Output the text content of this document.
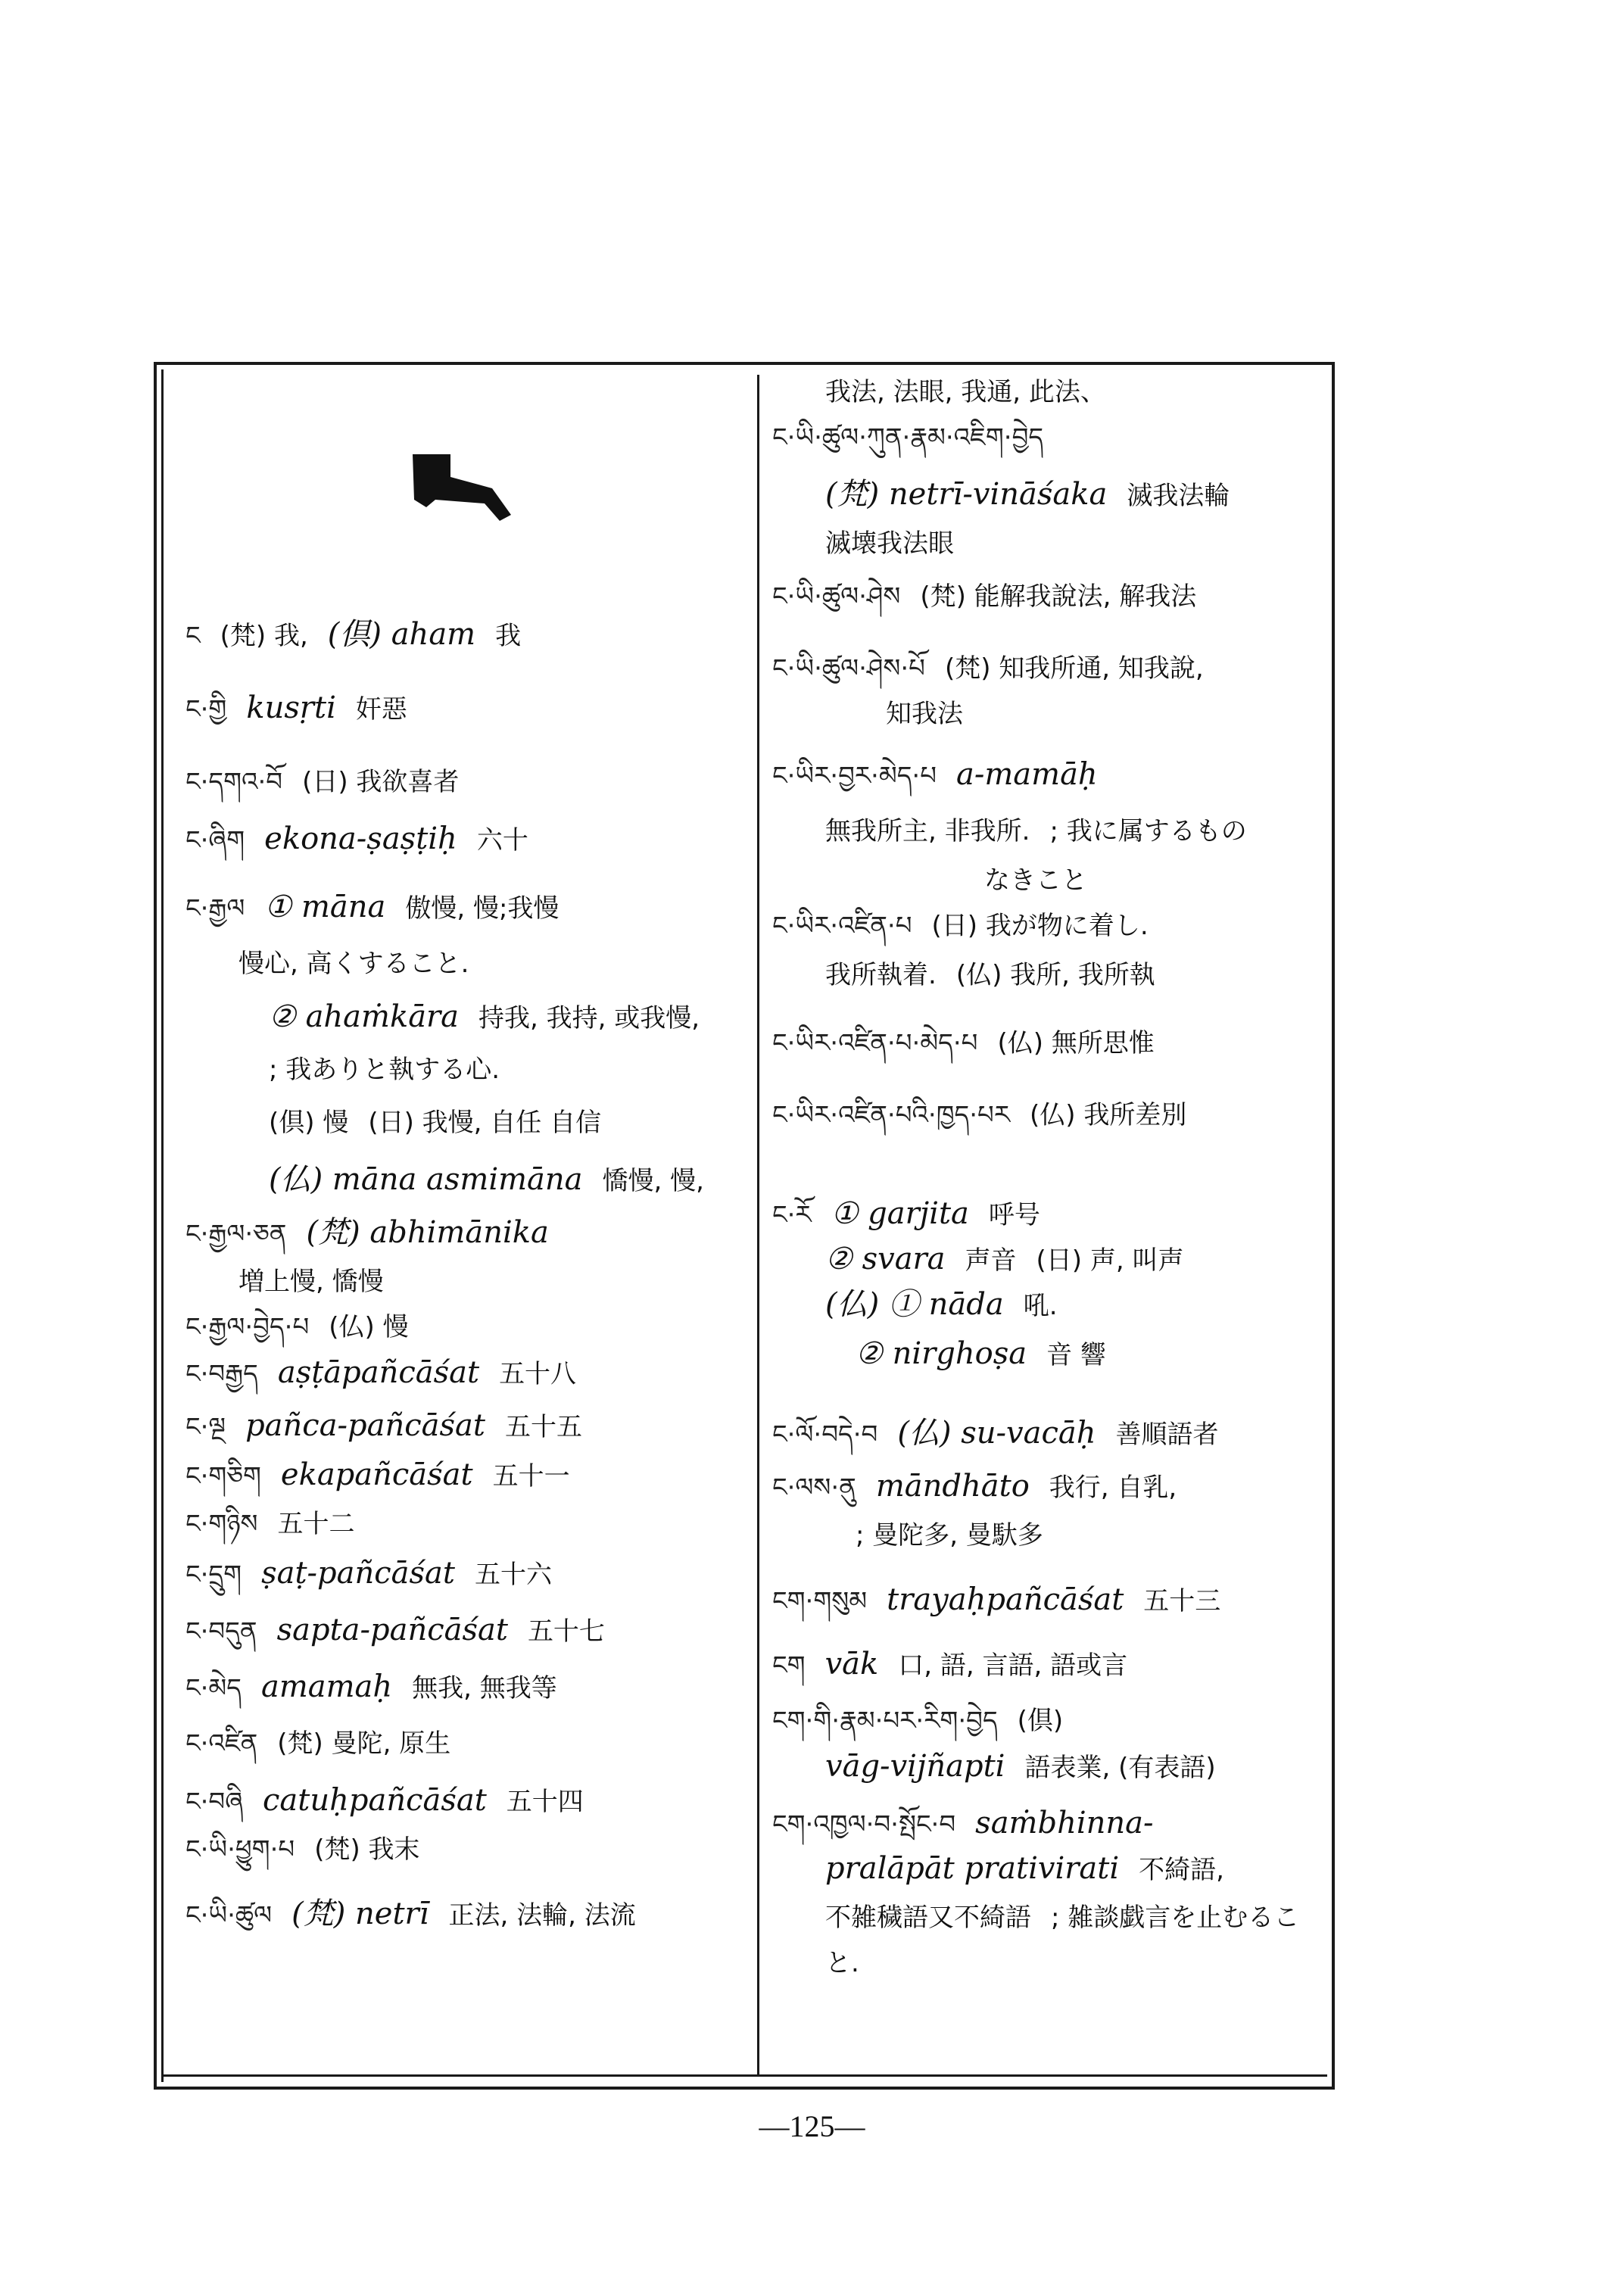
ང (梵) 我, (倶) aham 我
ང·གྱི kusṛti 奸惡
ང·དགའ·བོ (日) 我欲喜者
ང·ཞིག ekona-ṣaṣṭiḥ 六十
ང·རྒྱལ ① māna 傲慢, 慢;我慢
慢心, 高くすること.
② ahaṁkāra 持我, 我持, 或我慢,
; 我ありと執する心.
(倶) 慢 (日) 我慢, 自任 自信
(仏) māna asmimāna 憍慢, 慢,
ང·རྒྱལ·ཅན (梵) abhimānika
増上慢, 憍慢
ང·རྒྱལ·བྱེད·པ (仏) 慢
ང·བརྒྱད aṣṭāpañcāśat 五十八
ང·ལྔ pañca-pañcāśat 五十五
ང·གཅིག ekapañcāśat 五十一
ང·གཉིས 五十二
ང·དྲུག ṣaṭ-pañcāśat 五十六
ང·བདུན sapta-pañcāśat 五十七
ང·མེད amamaḥ 無我, 無我等
ང·འཛིན (梵) 曼陀, 原生
ང·བཞི catuḥpañcāśat 五十四
ང·ཡི·ཕྱུག·པ (梵) 我末
ང·ཡི·ཚུལ (梵) netrī 正法, 法輪, 法流
我法, 法眼, 我通, 此法、
ང·ཡི·ཚུལ·ཀུན·རྣམ·འཇིག·བྱེད
(梵) netrī-vināśaka 滅我法輪
滅壊我法眼
ང·ཡི·ཚུལ·ཤེས (梵) 能解我說法, 解我法
ང·ཡི·ཚུལ·ཤེས·པོ (梵) 知我所通, 知我說,
知我法
ང·ཡིར·བྱར·མེད·པ a-mamāḥ
無我所主, 非我所. ; 我に属するもの
なきこと
ང·ཡིར·འཛིན·པ (日) 我が物に着し.
我所執着. (仏) 我所, 我所執
ང·ཡིར·འཛིན·པ·མེད·པ (仏) 無所思惟
ང·ཡིར·འཛིན·པའི·ཁྱད·པར (仏) 我所差別
ང·རོ ① garjita 呼号
② svara 声音 (日) 声, 叫声
(仏) ① nāda 吼.
② nirghoṣa 音 響
ང·ལོ·བདེ·བ (仏) su-vacāḥ 善順語者
ང·ལས·ནུ māndhāto 我行, 自乳,
; 曼陀多, 曼馱多
ངག·གསུམ trayaḥpañcāśat 五十三
ངག vāk 口, 語, 言語, 語或言
ངག·གི·རྣམ·པར·རིག·བྱེད (倶)
vāg-vijñapti 語表業, (有表語)
ངག·འཁྱལ·བ·སྤོང·བ saṁbhinna-
pralāpāt prativirati 不綺語,
不雑穢語又不綺語 ; 雑談戯言を止むるこ
と.
—125—
